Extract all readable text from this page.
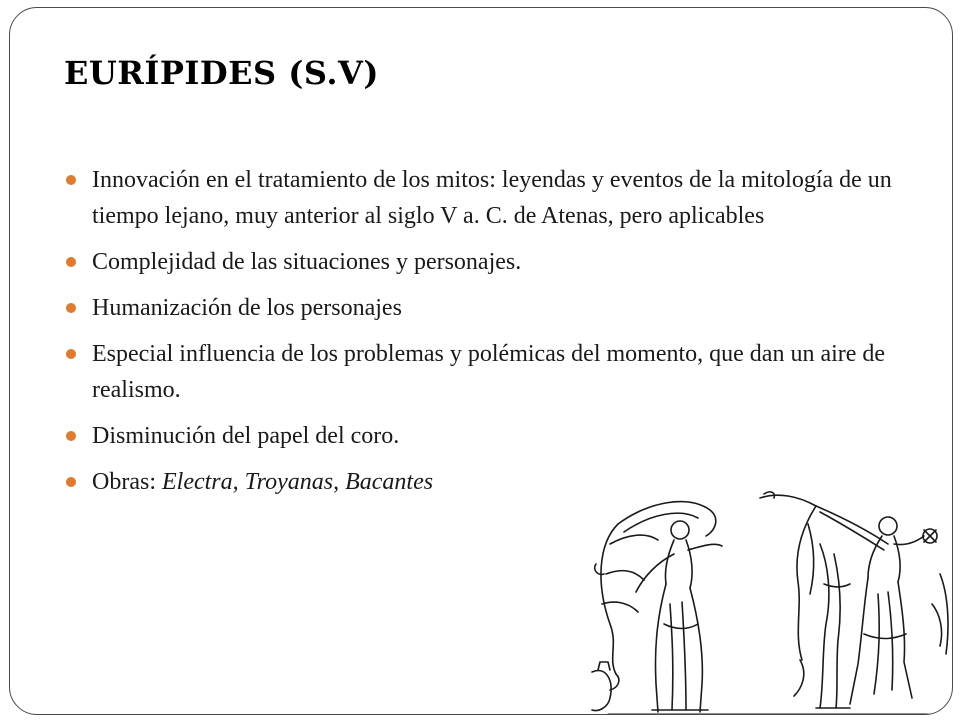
EURÍPIDES (S.V)
Innovación en el tratamiento de los mitos: leyendas y eventos de la mitología de un tiempo lejano, muy anterior al siglo V a. C. de Atenas, pero aplicables
Complejidad de las situaciones y personajes.
Humanización de los personajes
Especial influencia de los problemas y polémicas del momento, que dan un aire de realismo.
Disminución del papel del coro.
Obras: Electra, Troyanas, Bacantes
